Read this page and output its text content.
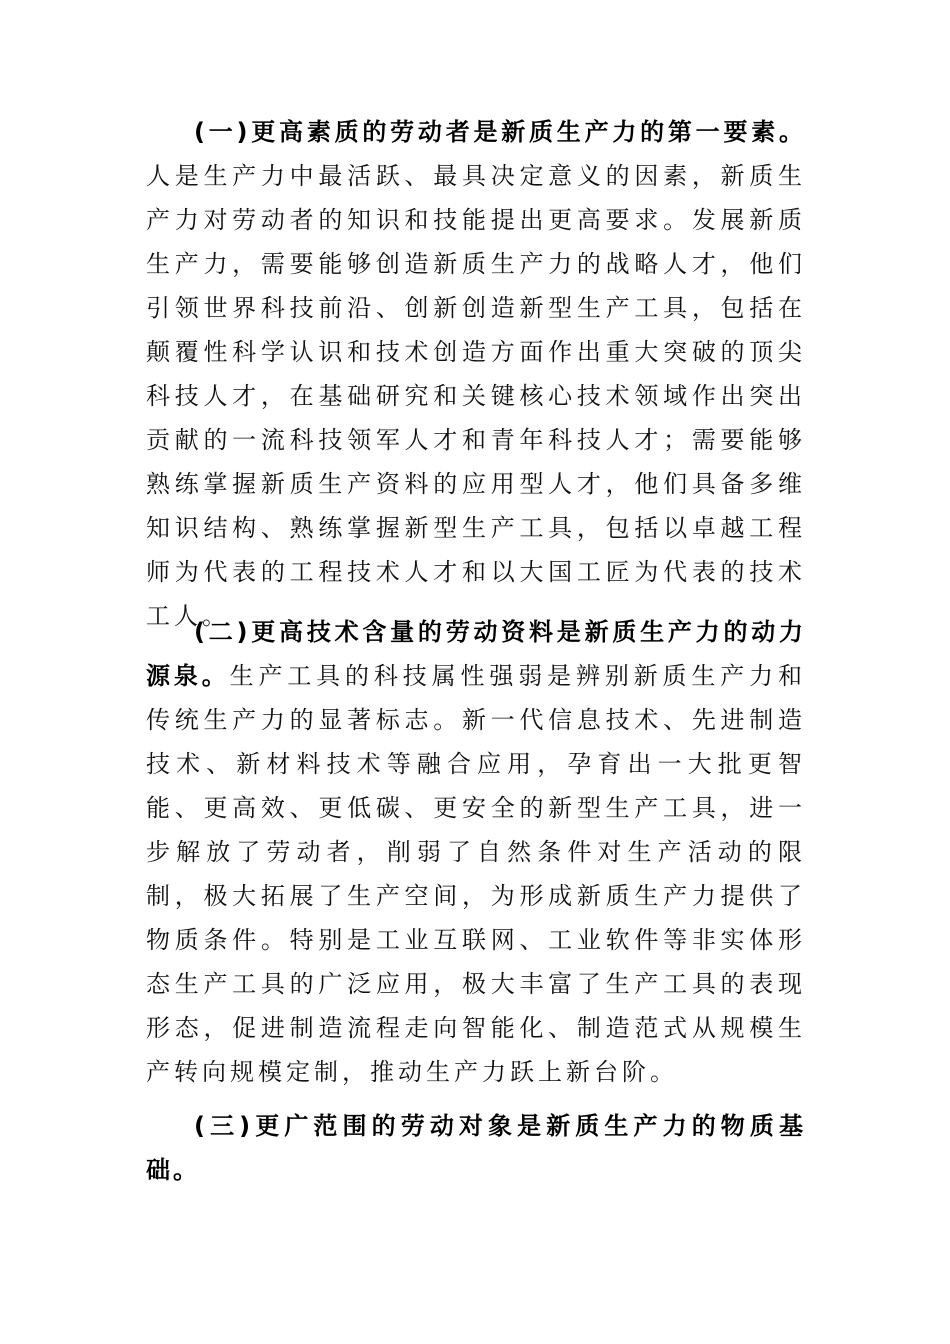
(一)更高素质的劳动者是新质生产力的第一要素。人是生产力中最活跃、最具决定意义的因素，新质生产力对劳动者的知识和技能提出更高要求。发展新质生产力，需要能够创造新质生产力的战略人才，他们引领世界科技前沿、创新创造新型生产工具，包括在颠覆性科学认识和技术创造方面作出重大突破的顶尖科技人才，在基础研究和关键核心技术领域作出突出贡献的一流科技领军人才和青年科技人才；需要能够熟练掌握新质生产资料的应用型人才，他们具备多维知识结构、熟练掌握新型生产工具，包括以卓越工程师为代表的工程技术人才和以大国工匠为代表的技术工人。

(二)更高技术含量的劳动资料是新质生产力的动力源泉。生产工具的科技属性强弱是辨别新质生产力和传统生产力的显著标志。新一代信息技术、先进制造技术、新材料技术等融合应用，孕育出一大批更智能、更高效、更低碳、更安全的新型生产工具，进一步解放了劳动者，削弱了自然条件对生产活动的限制，极大拓展了生产空间，为形成新质生产力提供了物质条件。特别是工业互联网、工业软件等非实体形态生产工具的广泛应用，极大丰富了生产工具的表现形态，促进制造流程走向智能化、制造范式从规模生产转向规模定制，推动生产力跃上新台阶。

(三)更广范围的劳动对象是新质生产力的物质基础。
